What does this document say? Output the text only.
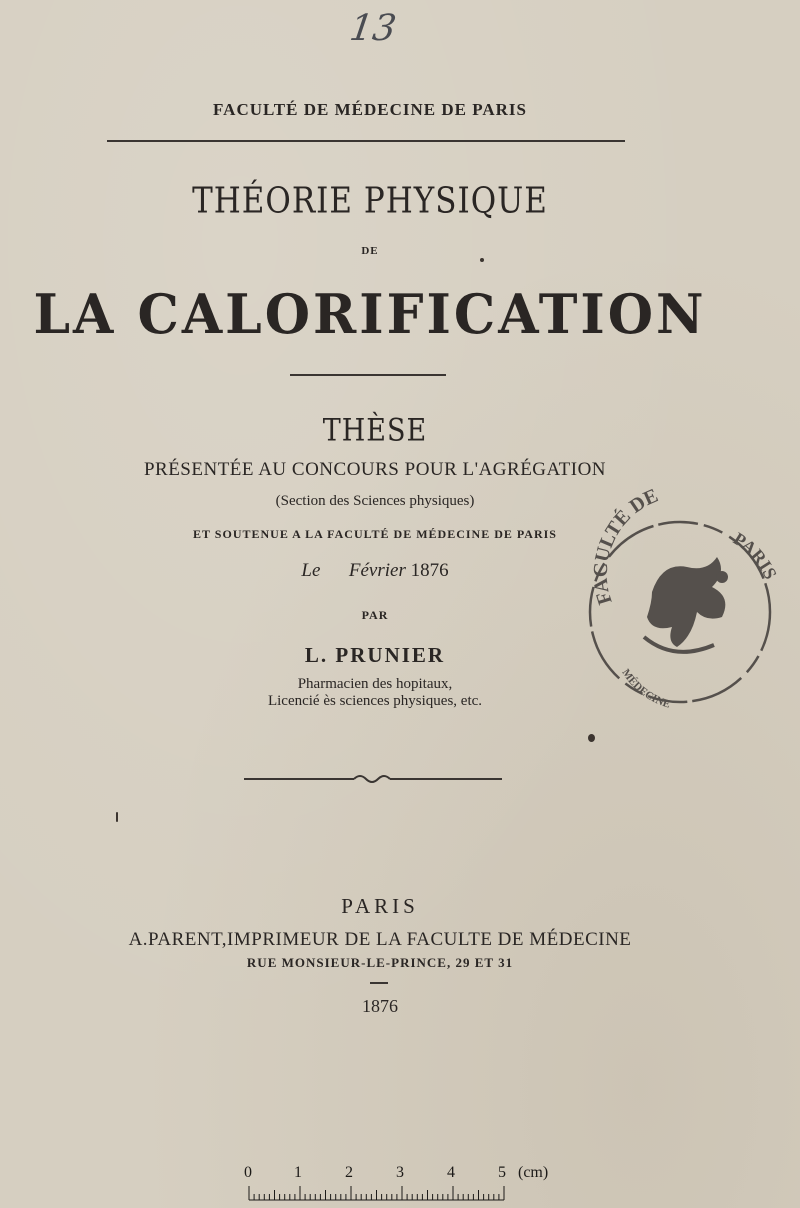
13
FACULTÉ DE MÉDECINE DE PARIS
THÉORIE PHYSIQUE
DE
LA CALORIFICATION
THÈSE
PRÉSENTÉE AU CONCOURS POUR L'AGRÉGATION
(Section des Sciences physiques)
ET SOUTENUE A LA FACULTÉ DE MÉDECINE DE PARIS
Le Février 1876
PAR
L. PRUNIER
Pharmacien des hopitaux,
Licencié ès sciences physiques, etc.
PARIS
A.PARENT,IMPRIMEUR DE LA FACULTE DE MÉDECINE
RUE MONSIEUR-LE-PRINCE, 29 ET 31
1876
FACULTÉ DE
PARIS
MÉDECINE
0	1	2	3	4	5 (cm)
